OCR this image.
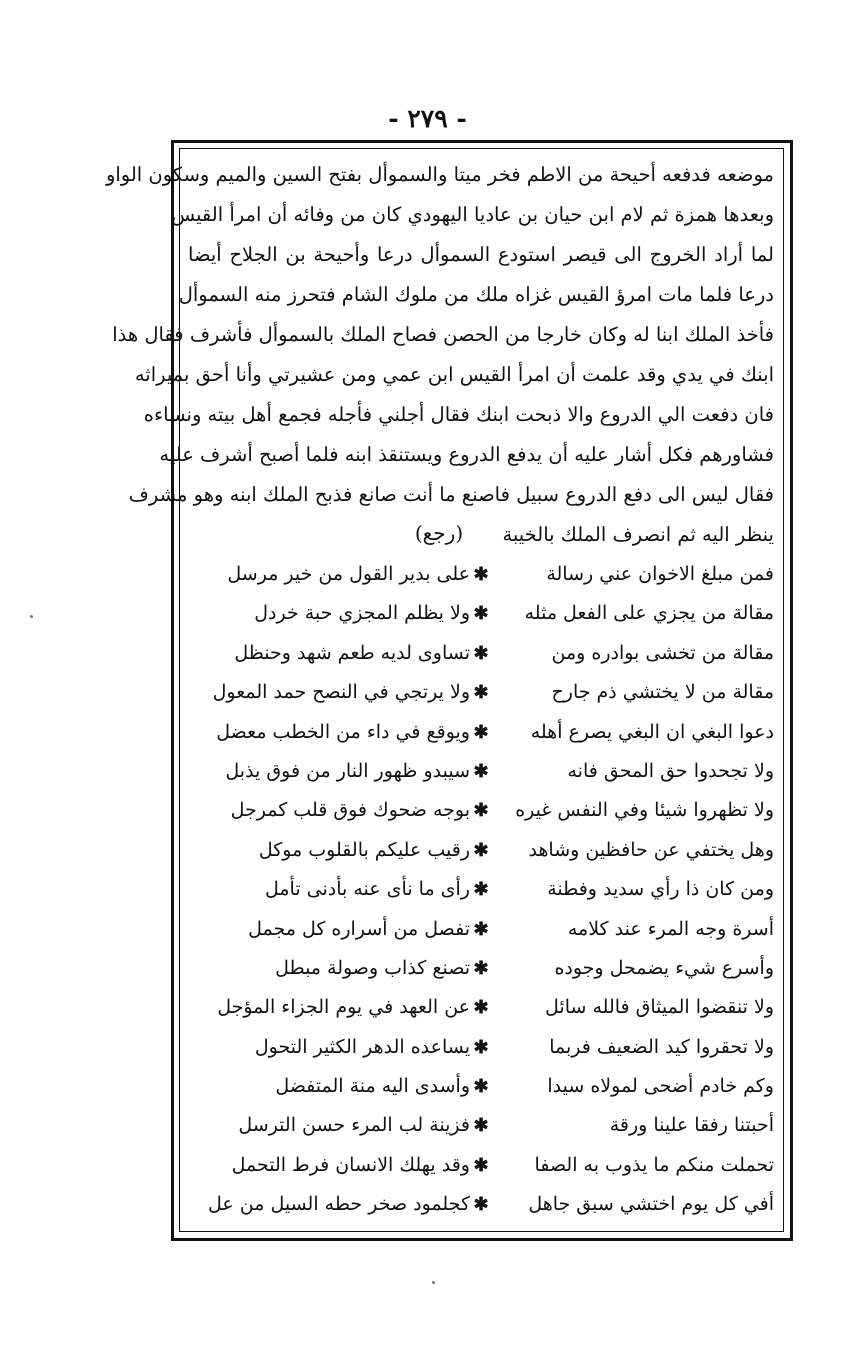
- ٢٧٩ -
موضعه فدفعه أحيحة من الاطم فخر ميتا والسموأل بفتح السين والميم وسكون الواو
وبعدها همزة ثم لام ابن حيان بن عاديا اليهودي كان من وفائه أن امرأ القيس
لما أراد الخروج الى قيصر استودع السموأل درعا وأحيحة بن الجلاح أيضا
درعا فلما مات امرؤ القيس غزاه ملك من ملوك الشام فتحرز منه السموأل
فأخذ الملك ابنا له وكان خارجا من الحصن فصاح الملك بالسموأل فأشرف فقال هذا
ابنك في يدي وقد علمت أن امرأ القيس ابن عمي ومن عشيرتي وأنا أحق بميراثه
فان دفعت الي الدروع والا ذبحت ابنك فقال أجلني فأجله فجمع أهل بيته ونساءه
فشاورهم فكل أشار عليه أن يدفع الدروع ويستنقذ ابنه فلما أصبح أشرف عليه
فقال ليس الى دفع الدروع سبيل فاصنع ما أنت صانع فذبح الملك ابنه وهو مشرف
ينظر اليه ثم انصرف الملك بالخيبة
(رجع)
فمن مبلغ الاخوان عني رسالة
✱
على بدير القول من خير مرسل
مقالة من يجزي على الفعل مثله
✱
ولا يظلم المجزي حبة خردل
مقالة من تخشى بوادره ومن
✱
تساوى لديه طعم شهد وحنظل
مقالة من لا يختشي ذم جارح
✱
ولا يرتجي في النصح حمد المعول
دعوا البغي ان البغي يصرع أهله
✱
ويوقع في داء من الخطب معضل
ولا تجحدوا حق المحق فانه
✱
سيبدو ظهور النار من فوق يذبل
ولا تظهروا شيئا وفي النفس غيره
✱
بوجه ضحوك فوق قلب كمرجل
وهل يختفي عن حافظين وشاهد
✱
رقيب عليكم بالقلوب موكل
ومن كان ذا رأي سديد وفطنة
✱
رأى ما نأى عنه بأدنى تأمل
أسرة وجه المرء عند كلامه
✱
تفصل من أسراره كل مجمل
وأسرع شيء يضمحل وجوده
✱
تصنع كذاب وصولة مبطل
ولا تنقضوا الميثاق فالله سائل
✱
عن العهد في يوم الجزاء المؤجل
ولا تحقروا كيد الضعيف فربما
✱
يساعده الدهر الكثير التحول
وكم خادم أضحى لمولاه سيدا
✱
وأسدى اليه منة المتفضل
أحبتنا رفقا علينا ورقة
✱
فزينة لب المرء حسن الترسل
تحملت منكم ما يذوب به الصفا
✱
وقد يهلك الانسان فرط التحمل
أفي كل يوم اختشي سبق جاهل
✱
كجلمود صخر حطه السيل من عل
